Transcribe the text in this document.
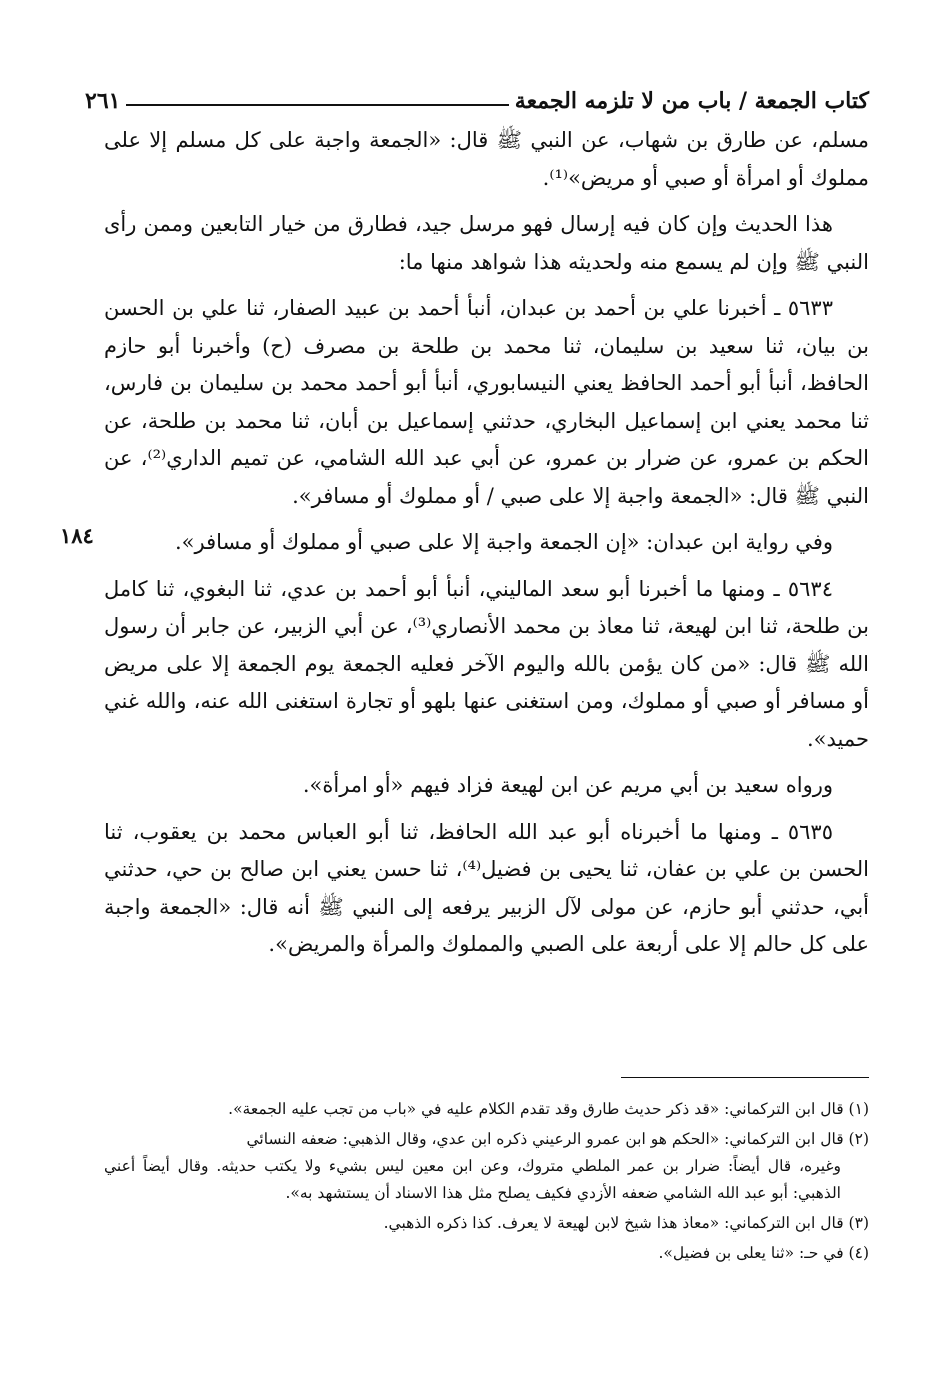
كتاب الجمعة / باب من لا تلزمه الجمعة
٢٦١

مسلم، عن طارق بن شهاب، عن النبي ﷺ قال: «الجمعة واجبة على كل مسلم إلا على مملوك أو امرأة أو صبي أو مريض»⁽¹⁾.

هذا الحديث وإن كان فيه إرسال فهو مرسل جيد، فطارق من خيار التابعين وممن رأى النبي ﷺ وإن لم يسمع منه ولحديثه هذا شواهد منها ما:

٥٦٣٣ ـ أخبرنا علي بن أحمد بن عبدان، أنبأ أحمد بن عبيد الصفار، ثنا علي بن الحسن بن بيان، ثنا سعيد بن سليمان، ثنا محمد بن طلحة بن مصرف (ح) وأخبرنا أبو حازم الحافظ، أنبأ أبو أحمد الحافظ يعني النيسابوري، أنبأ أبو أحمد محمد بن سليمان بن فارس، ثنا محمد يعني ابن إسماعيل البخاري، حدثني إسماعيل بن أبان، ثنا محمد بن طلحة، عن الحكم بن عمرو، عن ضرار بن عمرو، عن أبي عبد الله الشامي، عن تميم الداري⁽²⁾، عن النبي ﷺ قال: «الجمعة واجبة إلا على صبي / أو مملوك أو مسافر».

وفي رواية ابن عبدان: «إن الجمعة واجبة إلا على صبي أو مملوك أو مسافر».

٥٦٣٤ ـ ومنها ما أخبرنا أبو سعد الماليني، أنبأ أبو أحمد بن عدي، ثنا البغوي، ثنا كامل بن طلحة، ثنا ابن لهيعة، ثنا معاذ بن محمد الأنصاري⁽³⁾، عن أبي الزبير، عن جابر أن رسول الله ﷺ قال: «من كان يؤمن بالله واليوم الآخر فعليه الجمعة يوم الجمعة إلا على مريض أو مسافر أو صبي أو مملوك، ومن استغنى عنها بلهو أو تجارة استغنى الله عنه، والله غني حميد».

ورواه سعيد بن أبي مريم عن ابن لهيعة فزاد فيهم «أو امرأة».

٥٦٣٥ ـ ومنها ما أخبرناه أبو عبد الله الحافظ، ثنا أبو العباس محمد بن يعقوب، ثنا الحسن بن علي بن عفان، ثنا يحيى بن فضيل⁽⁴⁾، ثنا حسن يعني ابن صالح بن حي، حدثني أبي، حدثني أبو حازم، عن مولى لآل الزبير يرفعه إلى النبي ﷺ أنه قال: «الجمعة واجبة على كل حالم إلا على أربعة على الصبي والمملوك والمرأة والمريض».

١٨٤

(١) قال ابن التركماني: «قد ذكر حديث طارق وقد تقدم الكلام عليه في «باب من تجب عليه الجمعة».

(٢) قال ابن التركماني: «الحكم هو ابن عمرو الرعيني ذكره ابن عدي، وقال الذهبي: ضعفه النسائي
وغيره، قال أيضاً: ضرار بن عمر الملطي متروك، وعن ابن معين ليس بشيء ولا يكتب حديثه. وقال أيضاً أعني الذهبي: أبو عبد الله الشامي ضعفه الأزدي فكيف يصلح مثل هذا الاسناد أن يستشهد به».

(٣) قال ابن التركماني: «معاذ هذا شيخ لابن لهيعة لا يعرف. كذا ذكره الذهبي.

(٤) في حـ: «ثنا يعلى بن فضيل».
